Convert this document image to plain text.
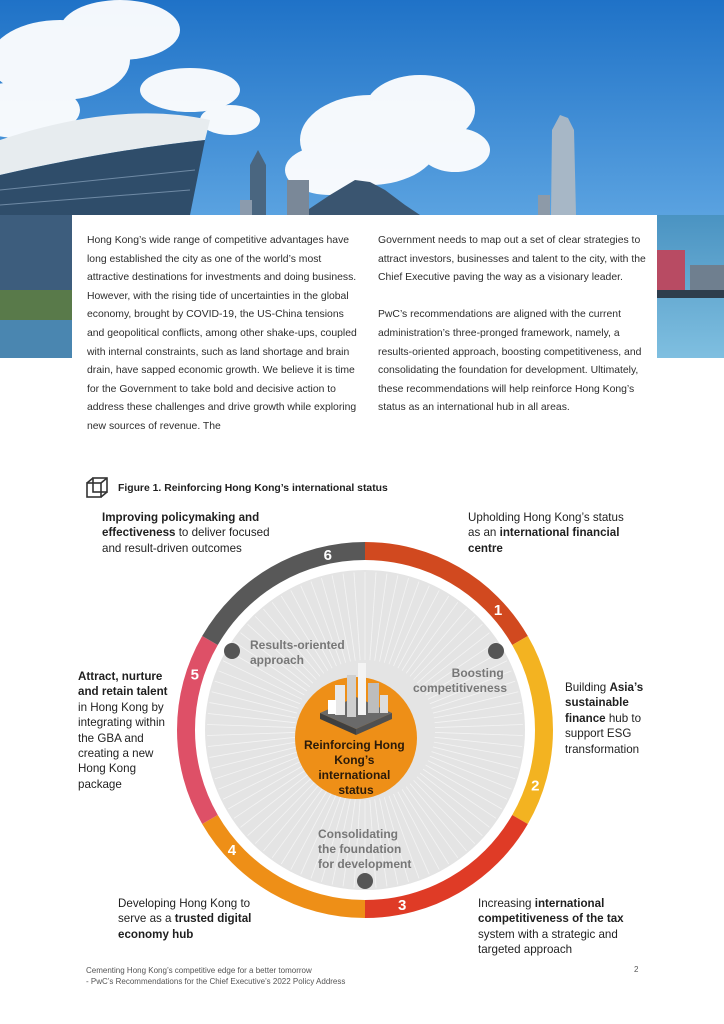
Hong Kong’s wide range of competitive advantages have long established the city as one of the world’s most attractive destinations for investments and doing business. However, with the rising tide of uncertainties in the global economy, brought by COVID-19, the US-China tensions and geopolitical conflicts, among other shake-ups, coupled with internal constraints, such as land shortage and brain drain, have sapped economic growth. We believe it is time for the Government to take bold and decisive action to address these challenges and drive growth while exploring new sources of revenue. The

Government needs to map out a set of clear strategies to attract investors, businesses and talent to the city, with the Chief Executive paving the way as a visionary leader.

PwC’s recommendations are aligned with the current administration’s three-pronged framework, namely, a results-oriented approach, boosting competitiveness, and consolidating the foundation for development. Ultimately, these recommendations will help reinforce Hong Kong’s status as an international hub in all areas.

Figure 1. Reinforcing Hong Kong’s international status
Results-oriented approach
Boosting competitiveness
Consolidating the foundation for development
Reinforcing Hong Kong’s international status
1
2
3
4
5
6
Upholding Hong Kong’s status as an international financial centre
Building Asia’s sustainable finance hub to support ESG transformation
Increasing international competitiveness of the tax system with a strategic and targeted approach
Developing Hong Kong to serve as a trusted digital economy hub
Attract, nurture and retain talent in Hong Kong by integrating within the GBA and creating a new Hong Kong package
Improving policymaking and effectiveness to deliver focused and result-driven outcomes
Cementing Hong Kong’s competitive edge for a better tomorrow
- PwC’s Recommendations for the Chief Executive’s 2022 Policy Address
2
